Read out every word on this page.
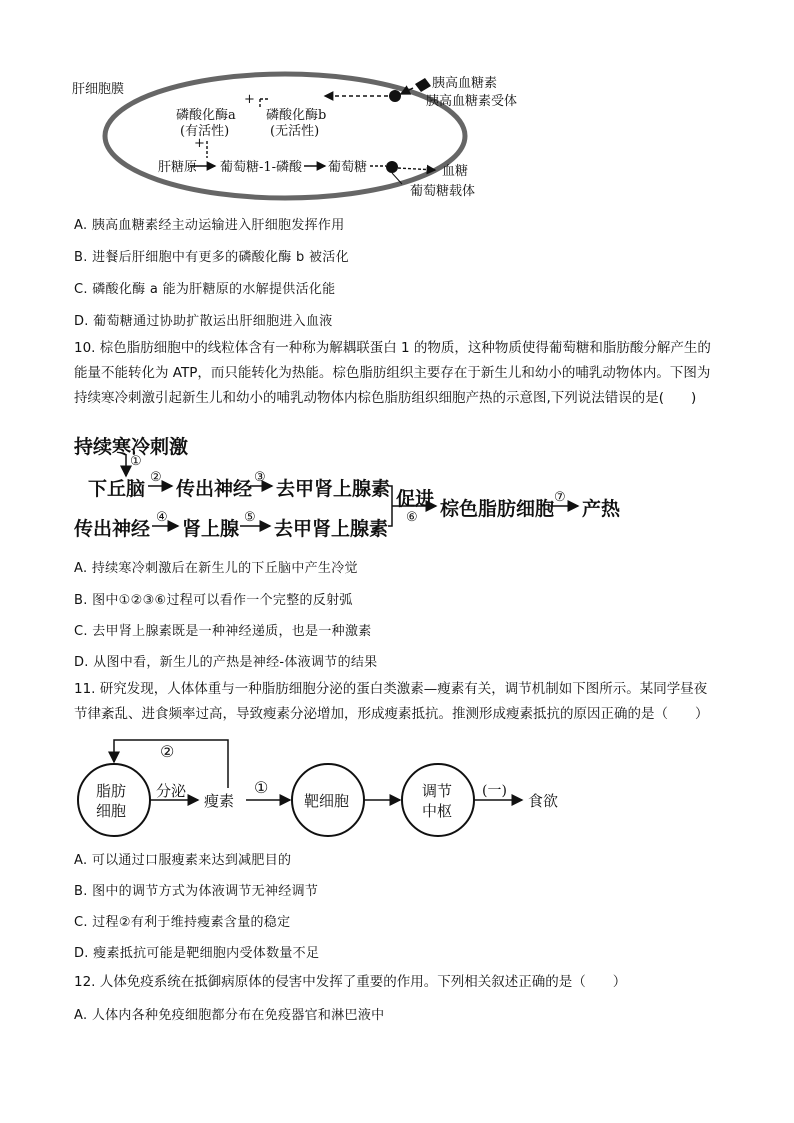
肝细胞膜	胰高血糖素
胰高血糖素受体
+
磷酸化酶a
(有活性)
磷酸化酶b
(无活性)
+
肝糖原 葡萄糖-1-磷酸 葡萄糖	血糖
葡萄糖载体
A. 胰高血糖素经主动运输进入肝细胞发挥作用
B. 进餐后肝细胞中有更多的磷酸化酶 b 被活化
C. 磷酸化酶 a 能为肝糖原的水解提供活化能
D. 葡萄糖通过协助扩散运出肝细胞进入血液
10. 棕色脂肪细胞中的线粒体含有一种称为解耦联蛋白 1 的物质，这种物质使得葡萄糖和脂肪酸分解产生的
能量不能转化为 ATP，而只能转化为热能。棕色脂肪组织主要存在于新生儿和幼小的哺乳动物体内。下图为
持续寒冷刺激引起新生儿和幼小的哺乳动物体内棕色脂肪组织细胞产热的示意图,下列说法错误的是(　　)
持续寒冷刺激
①
下丘脑
②
传出神经
③
去甲肾上腺素
传出神经
④
肾上腺
⑤
去甲肾上腺素
促进
⑥ 棕色脂肪细胞
⑦
产热
A. 持续寒冷刺激后在新生儿的下丘脑中产生冷觉
B. 图中①②③⑥过程可以看作一个完整的反射弧
C. 去甲肾上腺素既是一种神经递质，也是一种激素
D. 从图中看，新生儿的产热是神经-体液调节的结果
11. 研究发现，人体体重与一种脂肪细胞分泌的蛋白类激素—瘦素有关，调节机制如下图所示。某同学昼夜
节律紊乱、进食频率过高，导致瘦素分泌增加，形成瘦素抵抗。推测形成瘦素抵抗的原因正确的是（　　）
脂肪
细胞
分泌
瘦素
②
①
靶细胞
调节
中枢
(一)
食欲
A. 可以通过口服瘦素来达到减肥目的
B. 图中的调节方式为体液调节无神经调节
C. 过程②有利于维持瘦素含量的稳定
D. 瘦素抵抗可能是靶细胞内受体数量不足
12. 人体免疫系统在抵御病原体的侵害中发挥了重要的作用。下列相关叙述正确的是（　　）
A. 人体内各种免疫细胞都分布在免疫器官和淋巴液中
